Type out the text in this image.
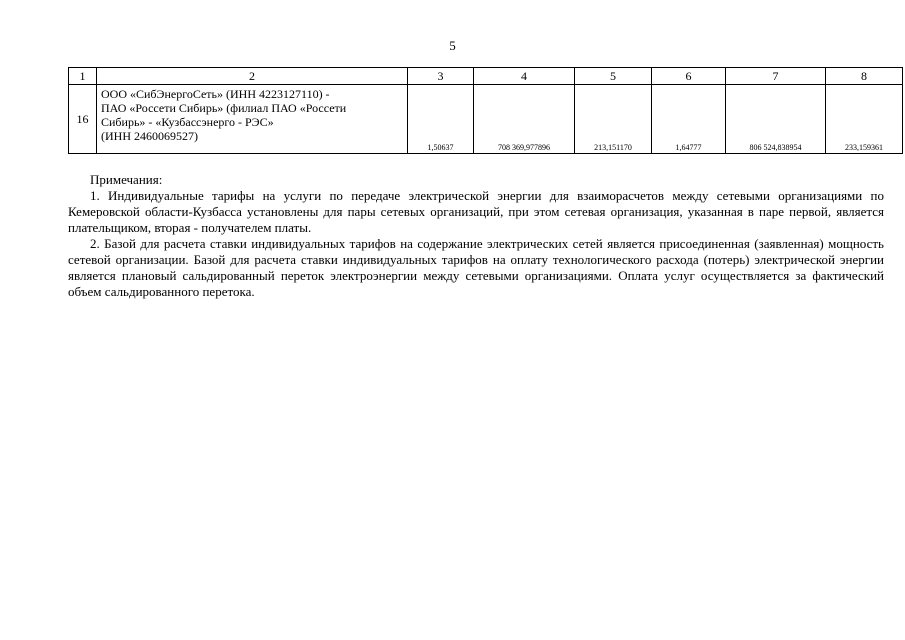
5
1	2	3	4	5	6	7	8
16	ООО «СибЭнергоСеть» (ИНН 4223127110) -
ПАО «Россети Сибирь» (филиал ПАО «Россети
Сибирь» - «Кузбассэнерго - РЭС»
(ИНН 2460069527)	1,50637	708 369,977896	213,151170	1,64777	806 524,838954	233,159361

Примечания:

1. Индивидуальные тарифы на услуги по передаче электрической энергии для взаиморасчетов между сетевыми организациями по Кемеровской области-Кузбасса установлены для пары сетевых организаций, при этом сетевая организация, указанная в паре первой, является плательщиком, вторая - получателем платы.

2. Базой для расчета ставки индивидуальных тарифов на содержание электрических сетей является присоединенная (заявленная) мощность сетевой организации. Базой для расчета ставки индивидуальных тарифов на оплату технологического расхода (потерь) электрической энергии является плановый сальдированный переток электроэнергии между сетевыми организациями. Оплата услуг осуществляется за фактический объем сальдированного перетока.
